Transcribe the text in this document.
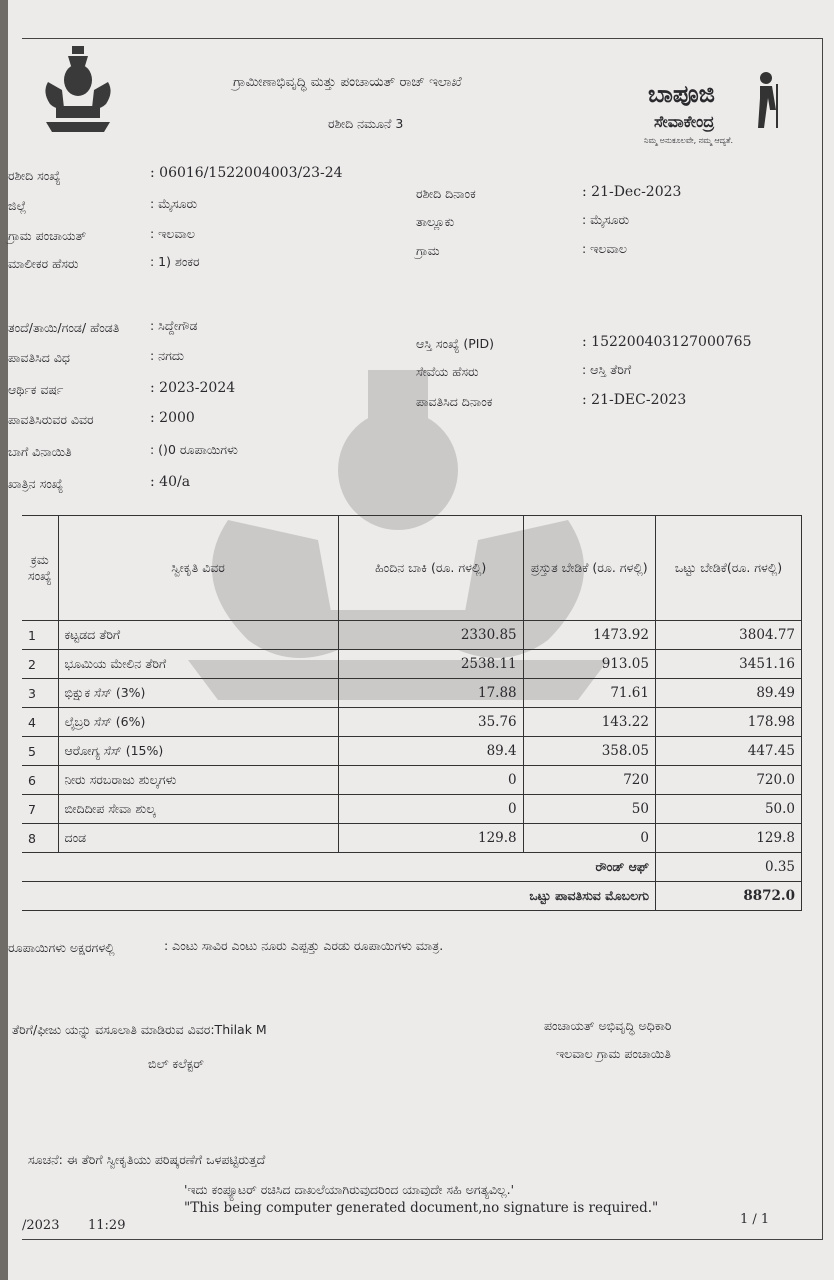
ಗ್ರಾಮೀಣಾಭಿವೃದ್ಧಿ ಮತ್ತು ಪಂಚಾಯತ್ ರಾಜ್ ಇಲಾಖೆ
ರಶೀದಿ ನಮೂನೆ 3
ಬಾಪೂಜಿ
ಸೇವಾಕೇಂದ್ರ
ನಿಮ್ಮ ಅನುಕೂಲವೇ, ನಮ್ಮ ಆದ್ಯತೆ.
ರಶೀದಿ ಸಂಖ್ಯೆ	: 06016/1522004003/23-24
ಜಿಲ್ಲೆ	: ಮೈಸೂರು
ಗ್ರಾಮ ಪಂಚಾಯತ್	: ಇಲವಾಲ
ಮಾಲೀಕರ ಹೆಸರು	: 1) ಶಂಕರ
ತಂದೆ/ತಾಯಿ/ಗಂಡ/ ಹೆಂಡತಿ : ಸಿದ್ದೇಗೌಡ
ಪಾವತಿಸಿದ ವಿಧ	: ನಗದು
ಆರ್ಥಿಕ ವರ್ಷ	: 2023-2024
ಪಾವತಿಸಿರುವರ ವಿವರ	: 2000
ಬಾಗೆ ವಿನಾಯಿತಿ	: ()0 ರೂಪಾಯಿಗಳು
ಖಾತ್ರಿನ ಸಂಖ್ಯೆ	: 40/a
ರಶೀದಿ ದಿನಾಂಕ	: 21-Dec-2023
ತಾಲ್ಲೂಕು	: ಮೈಸೂರು
ಗ್ರಾಮ	: ಇಲವಾಲ
ಆಸ್ತಿ ಸಂಖ್ಯೆ (PID)	: 152200403127000765
ಸೇವೆಯ ಹೆಸರು	: ಆಸ್ತಿ ತೆರಿಗೆ
ಪಾವತಿಸಿದ ದಿನಾಂಕ	: 21-DEC-2023
ಕ್ರಮ ಸಂಖ್ಯೆ	ಸ್ವೀಕೃತಿ ವಿವರ	ಹಿಂದಿನ ಬಾಕಿ (ರೂ. ಗಳಲ್ಲಿ)	ಪ್ರಸ್ತುತ ಬೇಡಿಕೆ (ರೂ. ಗಳಲ್ಲಿ)	ಒಟ್ಟು ಬೇಡಿಕೆ(ರೂ. ಗಳಲ್ಲಿ)
1	ಕಟ್ಟಡದ ತೆರಿಗೆ	2330.85	1473.92	3804.77
2	ಭೂಮಿಯ ಮೇಲಿನ ತೆರಿಗೆ	2538.11	913.05	3451.16
3	ಭಿಕ್ಷುಕ ಸೆಸ್ (3%)	17.88	71.61	89.49
4	ಲೈಬ್ರರಿ ಸೆಸ್ (6%)	35.76	143.22	178.98
5	ಆರೋಗ್ಯ ಸೆಸ್ (15%)	89.4	358.05	447.45
6	ನೀರು ಸರಬರಾಜು ಶುಲ್ಕಗಳು	0	720	720.0
7	ಬೀದಿದೀಪ ಸೇವಾ ಶುಲ್ಕ	0	50	50.0
8	ದಂಡ	129.8	0	129.8
ರೌಂಡ್ ಆಫ್				0.35
ಒಟ್ಟು ಪಾವತಿಸುವ ಮೊಬಲಗು				8872.0
ರೂಪಾಯಿಗಳು ಅಕ್ಷರಗಳಲ್ಲಿ	: ಎಂಟು ಸಾವಿರ ಎಂಟು ನೂರು ಎಪ್ಪತ್ತು ಎರಡು ರೂಪಾಯಿಗಳು ಮಾತ್ರ.
ತೆರಿಗೆ/ಫೀಜು ಯನ್ನು ವಸೂಲಾತಿ ಮಾಡಿರುವ ವಿವರ:Thilak M
ಬಿಲ್ ಕಲೆಕ್ಟರ್
ಪಂಚಾಯತ್ ಅಭಿವೃದ್ಧಿ ಅಧಿಕಾರಿ
ಇಲವಾಲ ಗ್ರಾಮ ಪಂಚಾಯಿತಿ
ಸೂಚನೆ: ಈ ತೆರಿಗೆ ಸ್ವೀಕೃತಿಯು ಪರಿಷ್ಕರಣೆಗೆ ಒಳಪಟ್ಟಿರುತ್ತದೆ
'ಇದು ಕಂಪ್ಯೂಟರ್ ರಚಿಸಿದ ದಾಖಲೆಯಾಗಿರುವುದರಿಂದ ಯಾವುದೇ ಸಹಿ ಅಗತ್ಯವಿಲ್ಲ.'
"This being computer generated document,no signature is required."
/2023 11:29	1 / 1
